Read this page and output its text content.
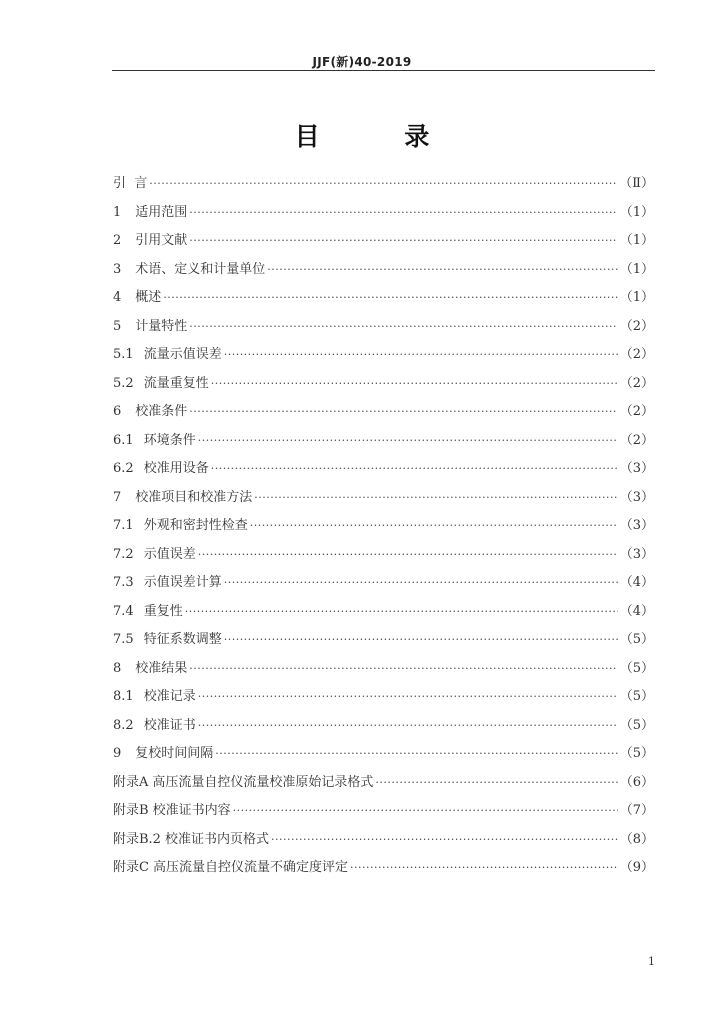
JJF(新)40-2019
目 录
引  言 ·····	（Ⅱ）
1 适用范围 ·····	（1）
2 引用文献 ·····	（1）
3 术语、定义和计量单位 ·····	（1）
4 概述 ·····	（1）
5 计量特性 ·····	（2）
5.1 流量示值误差 ·····	（2）
5.2 流量重复性 ·····	（2）
6 校准条件 ·····	（2）
6.1 环境条件 ·····	（2）
6.2 校准用设备 ·····	（3）
7 校准项目和校准方法 ·····	（3）
7.1 外观和密封性检查 ·····	（3）
7.2 示值误差 ·····	（3）
7.3 示值误差计算 ·····	（4）
7.4 重复性 ·····	（4）
7.5 特征系数调整 ·····	（5）
8 校准结果 ·····	（5）
8.1 校准记录 ·····	（5）
8.2 校准证书 ·····	（5）
9 复校时间间隔 ·····	（5）
附录A 高压流量自控仪流量校准原始记录格式 ·····	（6）
附录B 校准证书内容 ·····	（7）
附录B.2 校准证书内页格式 ·····	（8）
附录C 高压流量自控仪流量不确定度评定 ·····	（9）
1
